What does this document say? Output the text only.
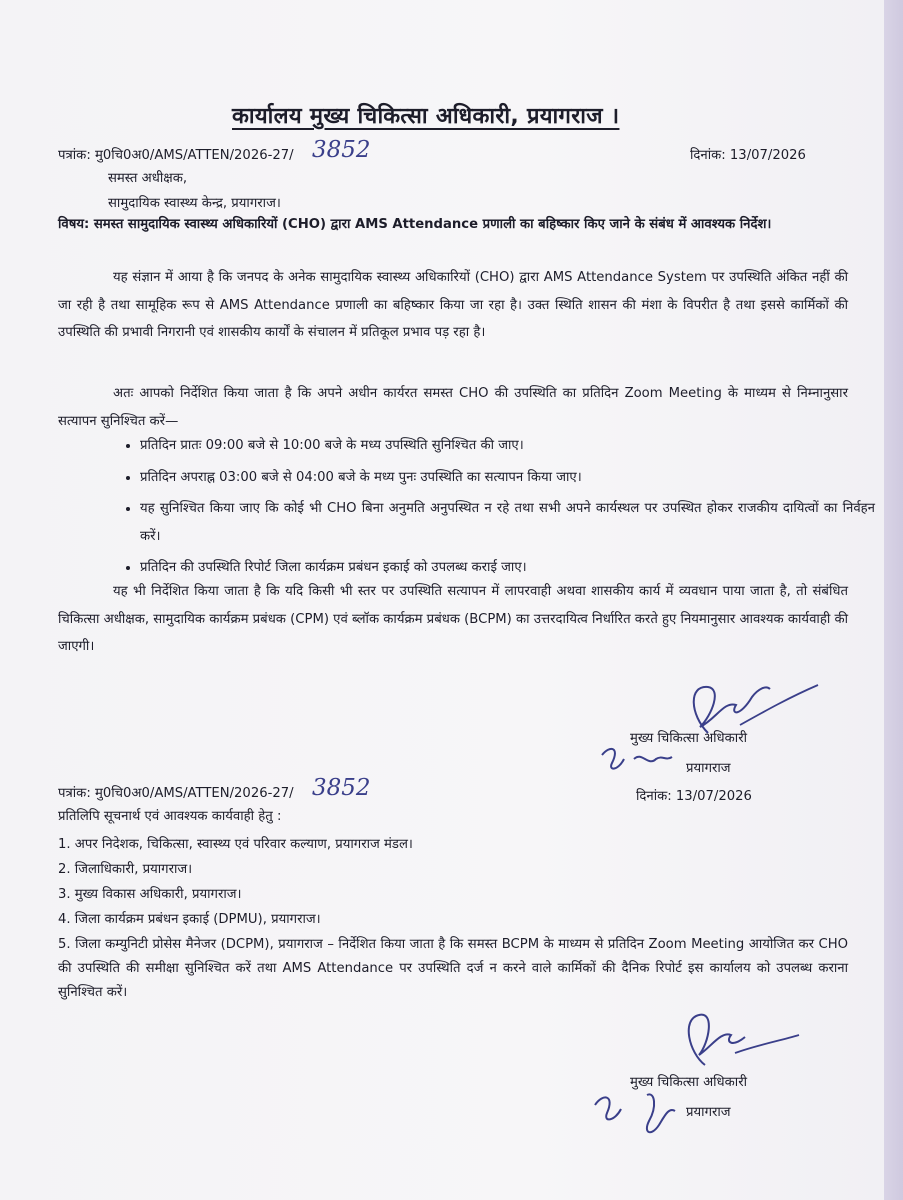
कार्यालय मुख्य चिकित्सा अधिकारी, प्रयागराज ।
पत्रांक: मु0चि0अ0/AMS/ATTEN/2026-27/ 3852	दिनांक: 13/07/2026
समस्त अधीक्षक,
सामुदायिक स्वास्थ्य केन्द्र, प्रयागराज।
विषय: समस्त सामुदायिक स्वास्थ्य अधिकारियों (CHO) द्वारा AMS Attendance प्रणाली का बहिष्कार किए जाने के संबंध में आवश्यक निर्देश।
यह संज्ञान में आया है कि जनपद के अनेक सामुदायिक स्वास्थ्य अधिकारियों (CHO) द्वारा AMS Attendance System पर उपस्थिति अंकित नहीं की जा रही है तथा सामूहिक रूप से AMS Attendance प्रणाली का बहिष्कार किया जा रहा है। उक्त स्थिति शासन की मंशा के विपरीत है तथा इससे कार्मिकों की उपस्थिति की प्रभावी निगरानी एवं शासकीय कार्यों के संचालन में प्रतिकूल प्रभाव पड़ रहा है।
अतः आपको निर्देशित किया जाता है कि अपने अधीन कार्यरत समस्त CHO की उपस्थिति का प्रतिदिन Zoom Meeting के माध्यम से निम्नानुसार सत्यापन सुनिश्चित करें—
• प्रतिदिन प्रातः 09:00 बजे से 10:00 बजे के मध्य उपस्थिति सुनिश्चित की जाए।
• प्रतिदिन अपराह्न 03:00 बजे से 04:00 बजे के मध्य पुनः उपस्थिति का सत्यापन किया जाए।
• यह सुनिश्चित किया जाए कि कोई भी CHO बिना अनुमति अनुपस्थित न रहे तथा सभी अपने कार्यस्थल पर उपस्थित होकर राजकीय दायित्वों का निर्वहन करें।
• प्रतिदिन की उपस्थिति रिपोर्ट जिला कार्यक्रम प्रबंधन इकाई को उपलब्ध कराई जाए।
यह भी निर्देशित किया जाता है कि यदि किसी भी स्तर पर उपस्थिति सत्यापन में लापरवाही अथवा शासकीय कार्य में व्यवधान पाया जाता है, तो संबंधित चिकित्सा अधीक्षक, सामुदायिक कार्यक्रम प्रबंधक (CPM) एवं ब्लॉक कार्यक्रम प्रबंधक (BCPM) का उत्तरदायित्व निर्धारित करते हुए नियमानुसार आवश्यक कार्यवाही की जाएगी।
मुख्य चिकित्सा अधिकारी
प्रयागराज
पत्रांक: मु0चि0अ0/AMS/ATTEN/2026-27/ 3852	दिनांक: 13/07/2026
प्रतिलिपि सूचनार्थ एवं आवश्यक कार्यवाही हेतु :
1. अपर निदेशक, चिकित्सा, स्वास्थ्य एवं परिवार कल्याण, प्रयागराज मंडल।
2. जिलाधिकारी, प्रयागराज।
3. मुख्य विकास अधिकारी, प्रयागराज।
4. जिला कार्यक्रम प्रबंधन इकाई (DPMU), प्रयागराज।
5. जिला कम्युनिटी प्रोसेस मैनेजर (DCPM), प्रयागराज – निर्देशित किया जाता है कि समस्त BCPM के माध्यम से प्रतिदिन Zoom Meeting आयोजित कर CHO की उपस्थिति की समीक्षा सुनिश्चित करें तथा AMS Attendance पर उपस्थिति दर्ज न करने वाले कार्मिकों की दैनिक रिपोर्ट इस कार्यालय को उपलब्ध कराना सुनिश्चित करें।
मुख्य चिकित्सा अधिकारी
प्रयागराज
